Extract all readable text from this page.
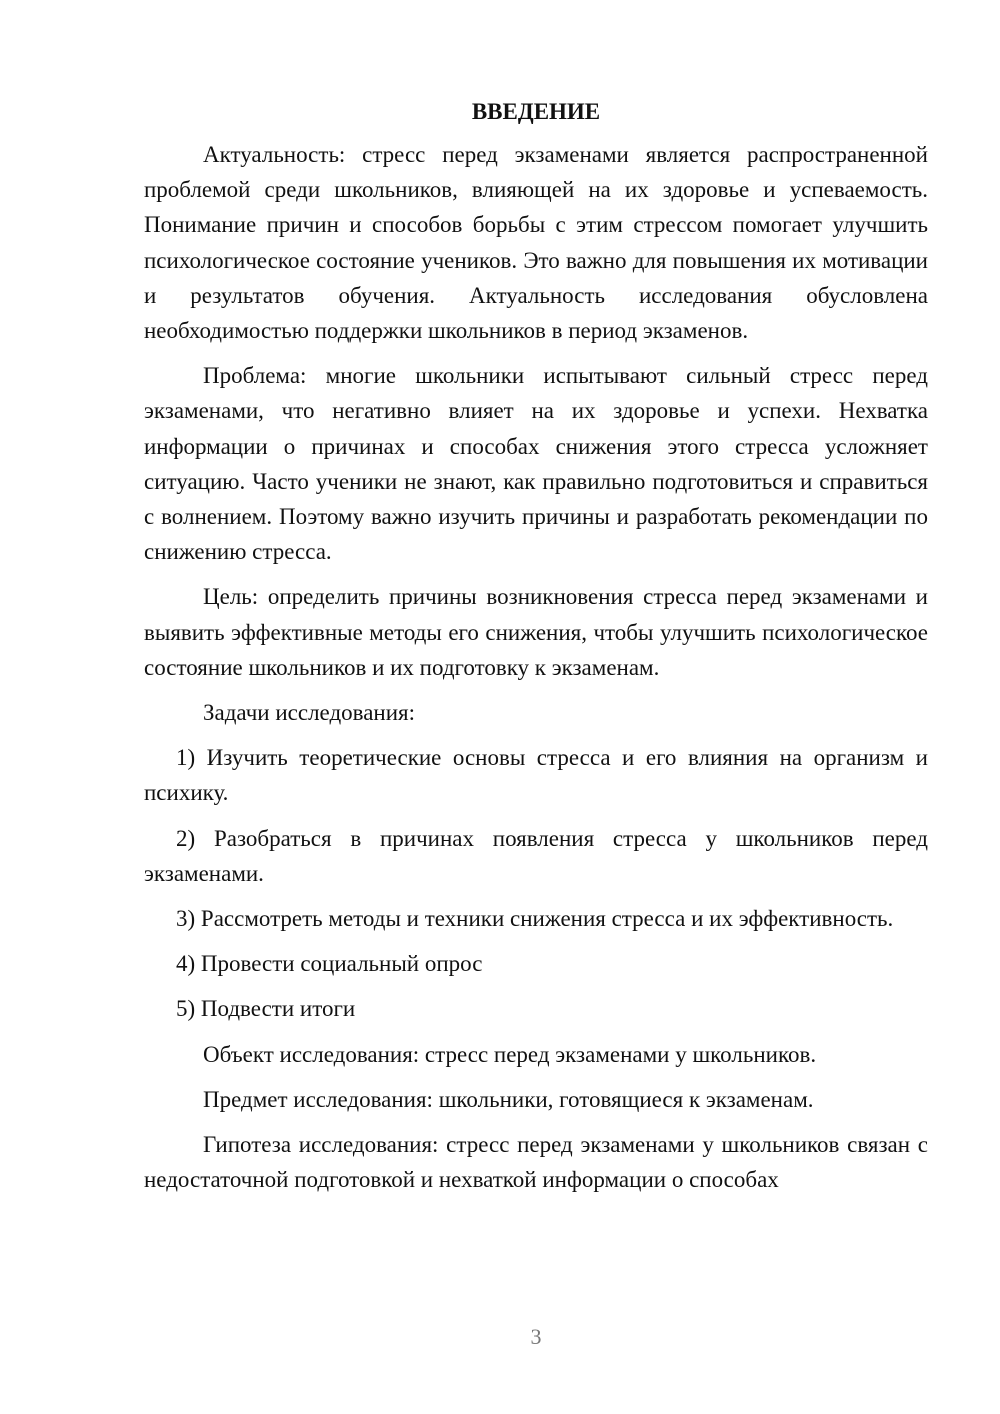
ВВЕДЕНИЕ

Актуальность: стресс перед экзаменами является распространенной проблемой среди школьников, влияющей на их здоровье и успеваемость. Понимание причин и способов борьбы с этим стрессом помогает улучшить психологическое состояние учеников. Это важно для повышения их мотивации и результатов обучения. Актуальность исследования обусловлена необходимостью поддержки школьников в период экзаменов.

Проблема: многие школьники испытывают сильный стресс перед экзаменами, что негативно влияет на их здоровье и успехи. Нехватка информации о причинах и способах снижения этого стресса усложняет ситуацию. Часто ученики не знают, как правильно подготовиться и справиться с волнением. Поэтому важно изучить причины и разработать рекомендации по снижению стресса.

Цель: определить причины возникновения стресса перед экзаменами и выявить эффективные методы его снижения, чтобы улучшить психологическое состояние школьников и их подготовку к экзаменам.

Задачи исследования:

1) Изучить теоретические основы стресса и его влияния на организм и психику.

2) Разобраться в причинах появления стресса у школьников перед экзаменами.

3) Рассмотреть методы и техники снижения стресса и их эффективность.

4) Провести социальный опрос

5) Подвести итоги

Объект исследования: стресс перед экзаменами у школьников.

Предмет исследования: школьники, готовящиеся к экзаменам.

Гипотеза исследования: стресс перед экзаменами у школьников связан с недостаточной подготовкой и нехваткой информации о способах

3
